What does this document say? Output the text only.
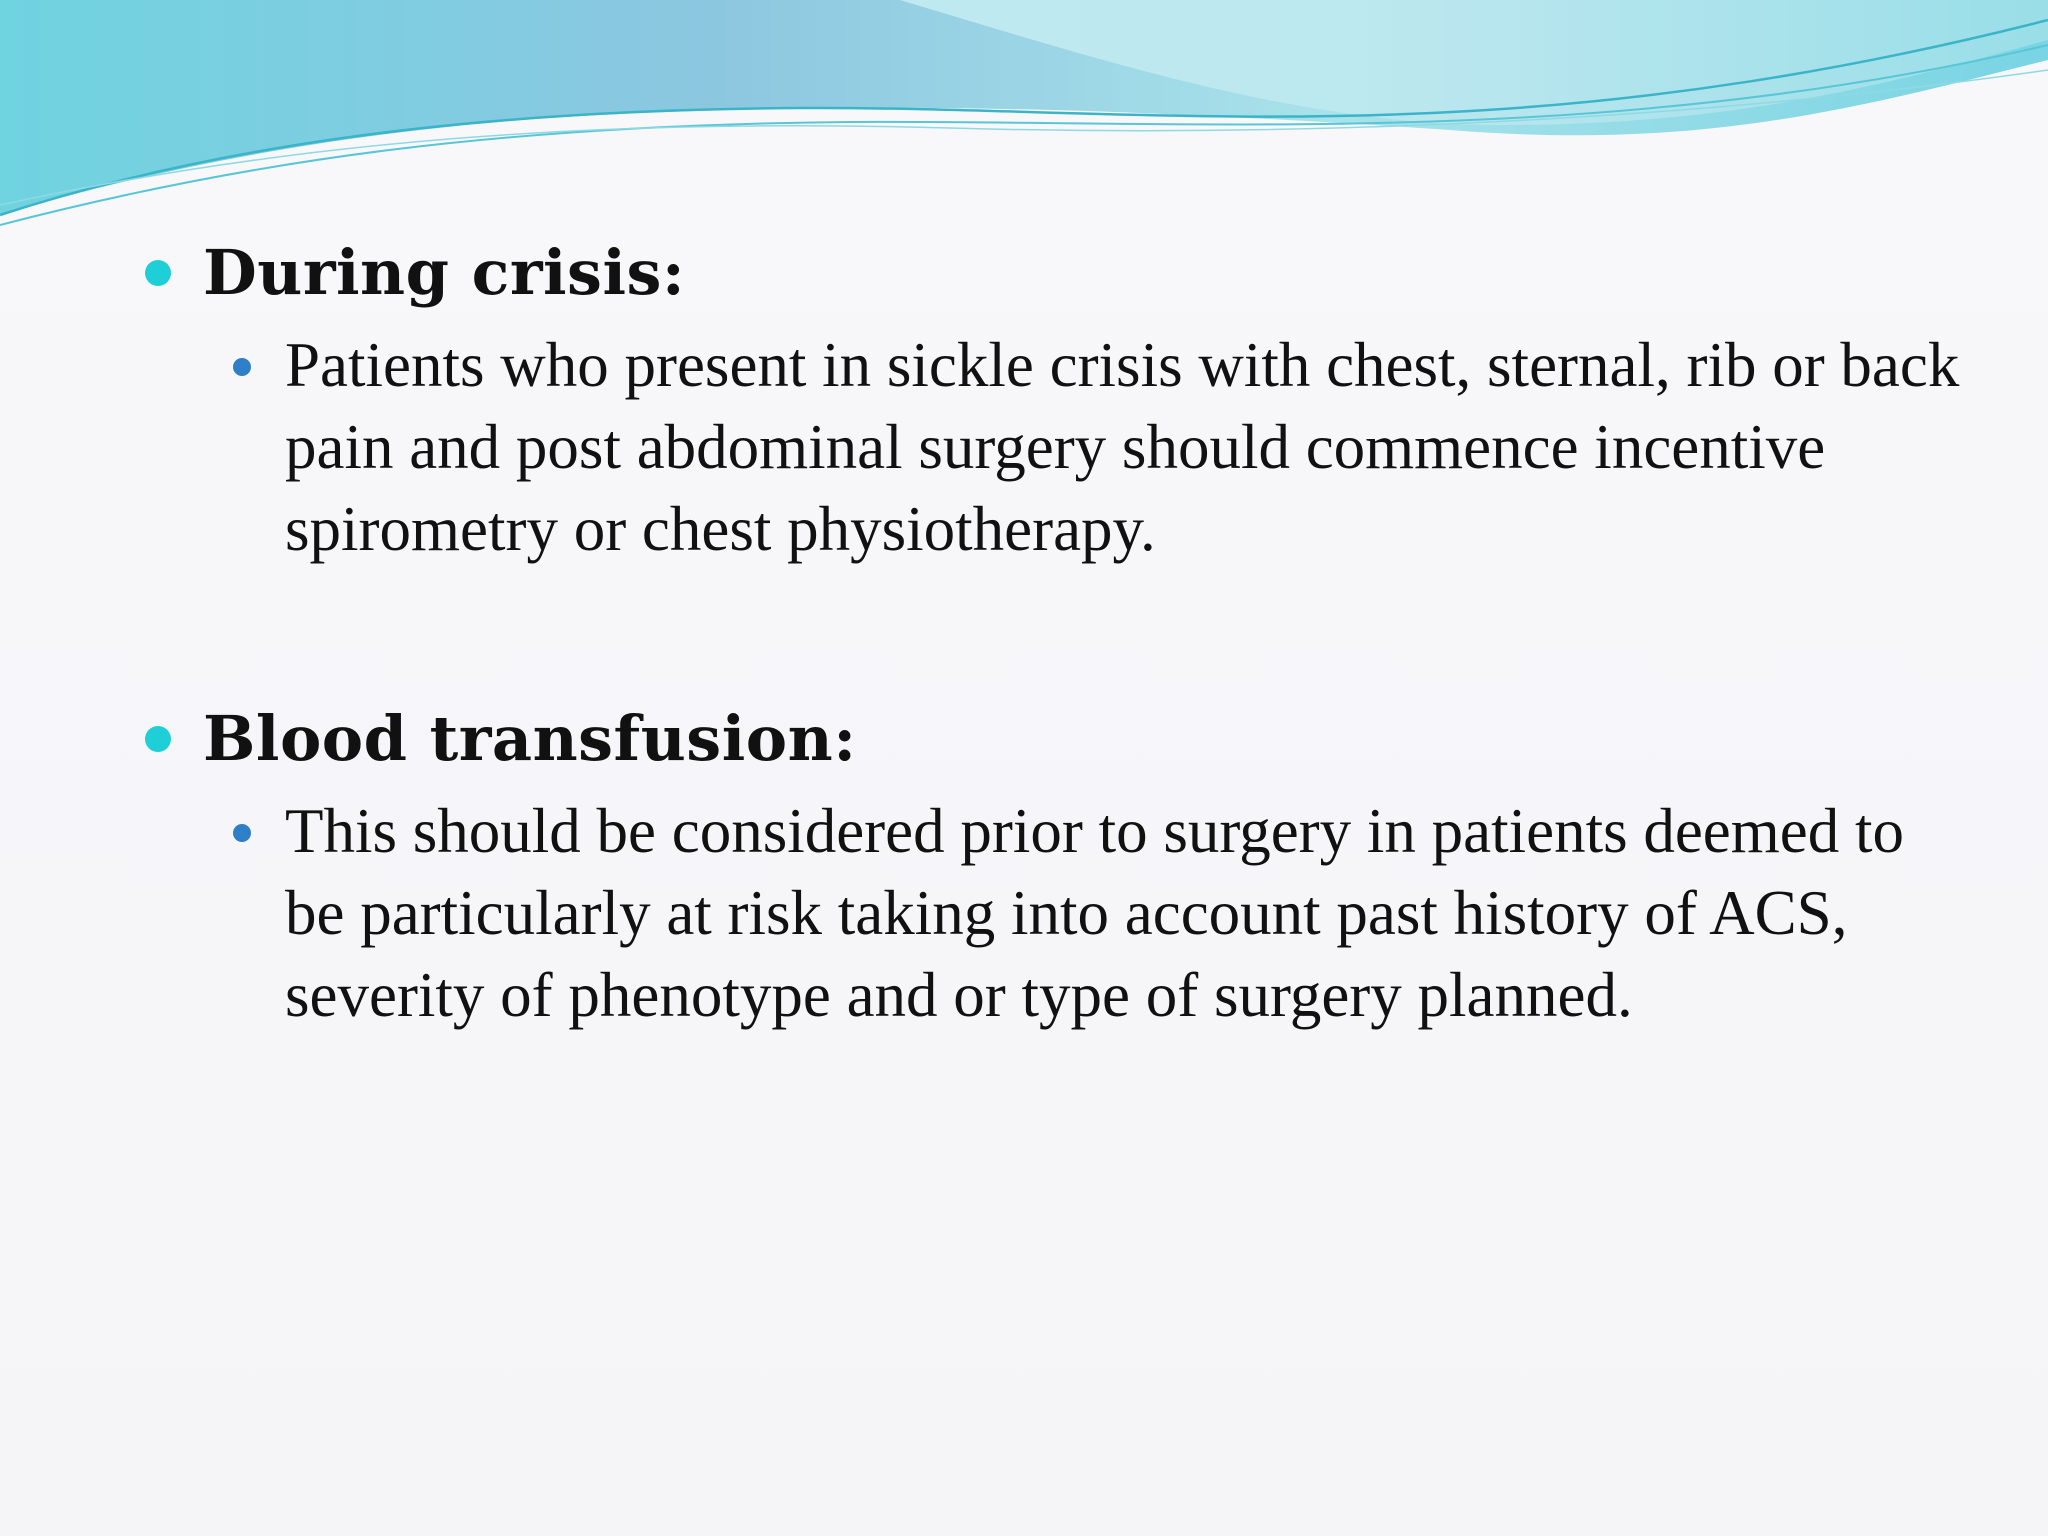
During crisis:
Patients who present in sickle crisis with chest, sternal, rib or back pain and post abdominal surgery should commence incentive spirometry or chest physiotherapy.
Blood transfusion:
This should be considered prior to surgery in patients deemed to be particularly at risk taking into account past history of ACS, severity of phenotype and or type of surgery planned.
